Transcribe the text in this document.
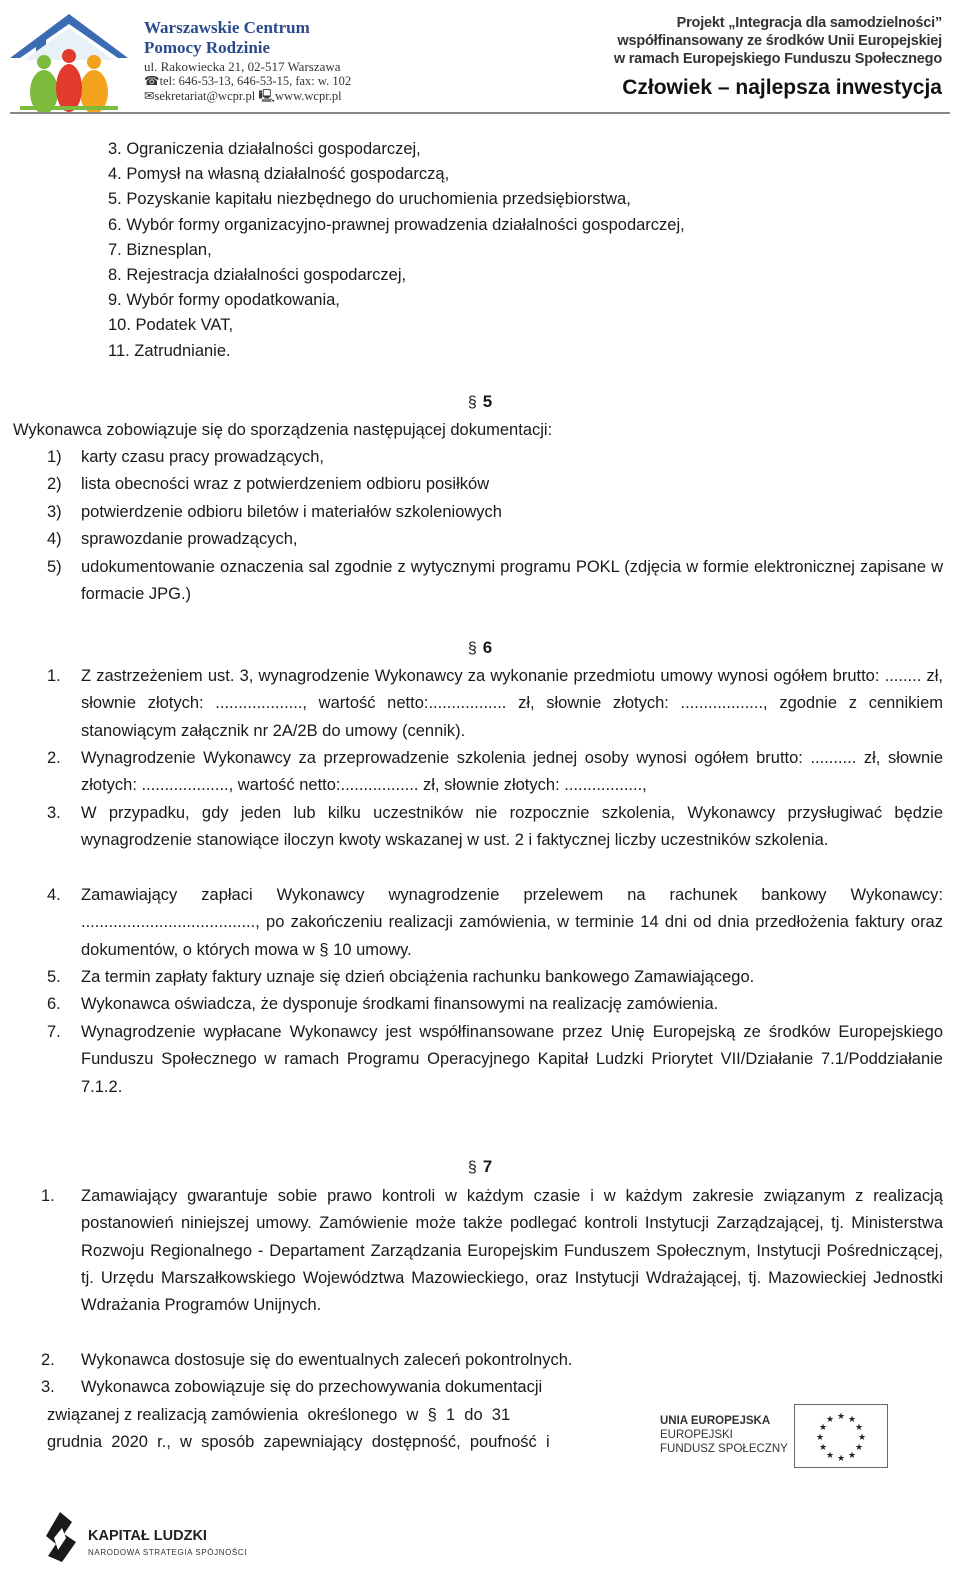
Warszawskie Centrum
Pomocy Rodzinie
ul. Rakowiecka 21, 02-517 Warszawa
☎tel: 646-53-13, 646-53-15, fax: w. 102
✉sekretariat@wcpr.pl 🖳www.wcpr.pl
Projekt „Integracja dla samodzielności”
współfinansowany ze środków Unii Europejskiej
w ramach Europejskiego Funduszu Społecznego
Człowiek – najlepsza inwestycja
3. Ograniczenia działalności gospodarczej,
4. Pomysł na własną działalność gospodarczą,
5. Pozyskanie kapitału niezbędnego do uruchomienia przedsiębiorstwa,
6. Wybór formy organizacyjno-prawnej prowadzenia działalności gospodarczej,
7. Biznesplan,
8. Rejestracja działalności gospodarczej,
9. Wybór formy opodatkowania,
10. Podatek VAT,
11. Zatrudnianie.
§ 5
Wykonawca zobowiązuje się do sporządzenia następującej dokumentacji:
1) karty czasu pracy prowadzących,
2) lista obecności wraz z potwierdzeniem odbioru posiłków
3) potwierdzenie odbioru biletów i materiałów szkoleniowych
4) sprawozdanie prowadzących,
5) udokumentowanie oznaczenia sal zgodnie z wytycznymi programu POKL (zdjęcia w formie elektronicznej zapisane w formacie JPG.)
§ 6
1. Z zastrzeżeniem ust. 3, wynagrodzenie Wykonawcy za wykonanie przedmiotu umowy wynosi ogółem brutto: ........ zł, słownie złotych: ..................., wartość netto:................. zł, słownie złotych: .................., zgodnie z cennikiem stanowiącym załącznik nr 2A/2B do umowy (cennik).
2. Wynagrodzenie Wykonawcy za przeprowadzenie szkolenia jednej osoby wynosi ogółem brutto: .......... zł, słownie złotych: ..................., wartość netto:................. zł, słownie złotych: .................,
3. W przypadku, gdy jeden lub kilku uczestników nie rozpocznie szkolenia, Wykonawcy przysługiwać będzie wynagrodzenie stanowiące iloczyn kwoty wskazanej w ust. 2 i faktycznej liczby uczestników szkolenia.
4. Zamawiający zapłaci Wykonawcy wynagrodzenie przelewem na rachunek bankowy Wykonawcy: ......................................, po zakończeniu realizacji zamówienia, w terminie 14 dni od dnia przedłożenia faktury oraz dokumentów, o których mowa w § 10 umowy.
5. Za termin zapłaty faktury uznaje się dzień obciążenia rachunku bankowego Zamawiającego.
6. Wykonawca oświadcza, że dysponuje środkami finansowymi na realizację zamówienia.
7. Wynagrodzenie wypłacane Wykonawcy jest współfinansowane przez Unię Europejską ze środków Europejskiego Funduszu Społecznego w ramach Programu Operacyjnego Kapitał Ludzki Priorytet VII/Działanie 7.1/Poddziałanie 7.1.2.
§ 7
1. Zamawiający gwarantuje sobie prawo kontroli w każdym czasie i w każdym zakresie związanym z realizacją postanowień niniejszej umowy. Zamówienie może także podlegać kontroli Instytucji Zarządzającej, tj. Ministerstwa Rozwoju Regionalnego - Departament Zarządzania Europejskim Funduszem Społecznym, Instytucji Pośredniczącej, tj. Urzędu Marszałkowskiego Województwa Mazowieckiego, oraz Instytucji Wdrażającej, tj. Mazowieckiej Jednostki Wdrażania Programów Unijnych.
2. Wykonawca dostosuje się do ewentualnych zaleceń pokontrolnych.
3. Wykonawca zobowiązuje się do przechowywania dokumentacji
związanej z realizacją zamówienia  określonego  w  §  1  do  31
grudnia  2020  r.,  w  sposób  zapewniający  dostępność,  poufność  i
UNIA EUROPEJSKA
EUROPEJSKI
FUNDUSZ SPOŁECZNY
★ ★
★
★
★
★
★
★
★
★
★
★
KAPITAŁ LUDZKI
NARODOWA STRATEGIA SPÓJNOŚCI
